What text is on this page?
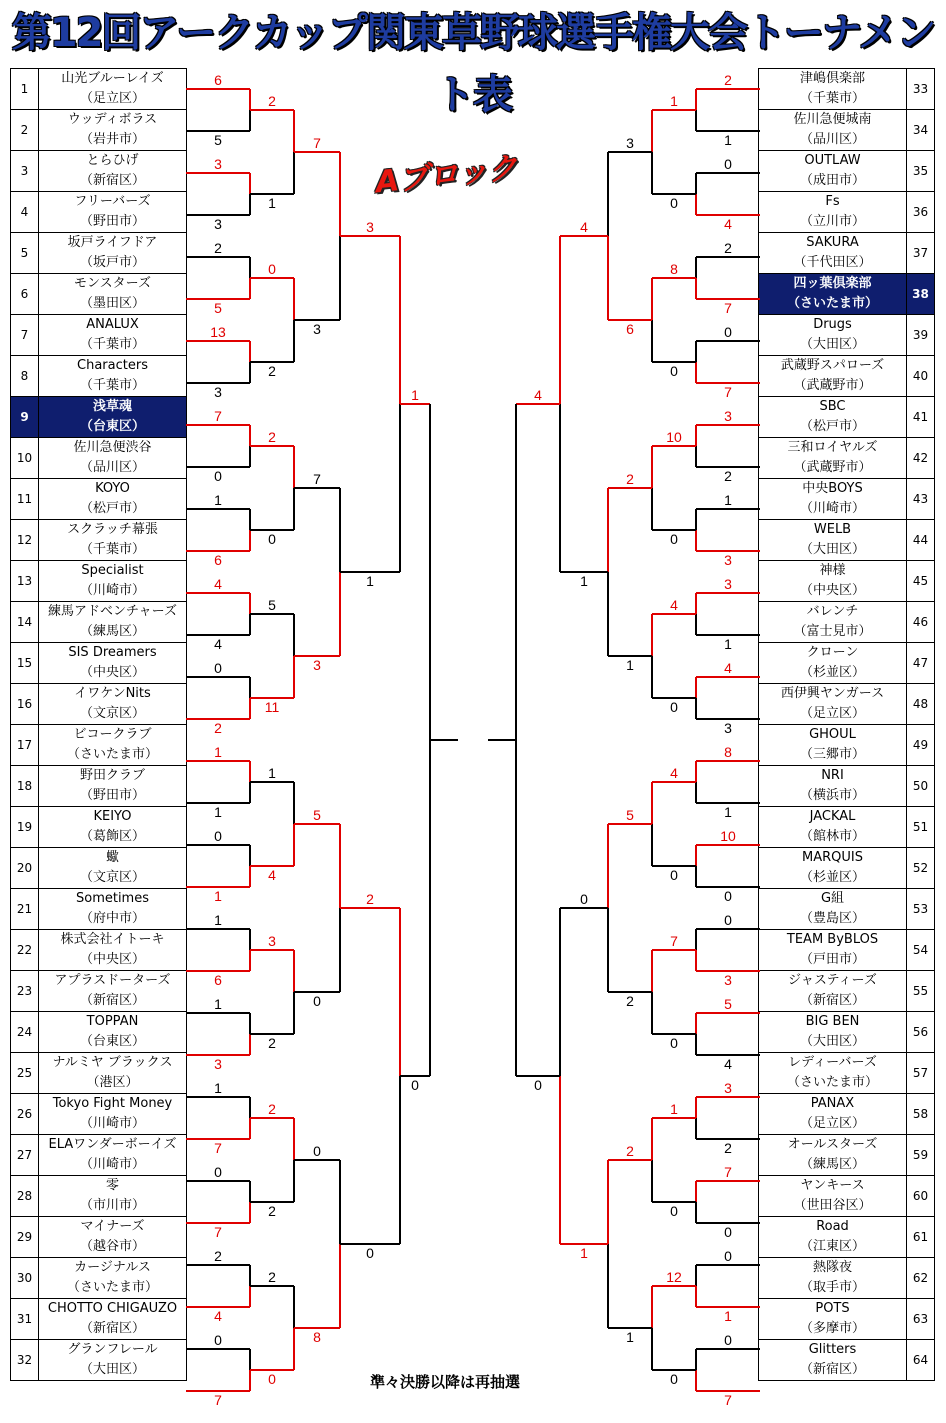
第12回アークカップ関東草野球選手権大会トーナメント表
Aブロック
準々決勝以降は再抽選
1	山光ブルーレイズ
（足立区）

2	ウッディボラス
（岩井市）

3	とらひげ
（新宿区）

4	フリーバーズ
（野田市）

5	坂戸ライフドア
（坂戸市）

6	モンスターズ
（墨田区）

7	ANALUX
（千葉市）

8	Characters
（千葉市）

9	浅草魂
（台東区）

10	佐川急便渋谷
（品川区）

11	KOYO
（松戸市）

12	スクラッチ幕張
（千葉市）

13	Specialist
（川崎市）

14	練馬アドベンチャーズ
（練馬区）

15	SIS Dreamers
（中央区）

16	イワケンNits
（文京区）

17	ビコークラブ
（さいたま市）

18	野田クラブ
（野田市）

19	KEIYO
（葛飾区）

20	蠍
（文京区）

21	Sometimes
（府中市）

22	株式会社イトーキ
（中央区）

23	アプラスドーターズ
（新宿区）

24	TOPPAN
（台東区）

25	ナルミヤ ブラックス
（港区）

26	Tokyo Fight Money
（川崎市）

27	ELAワンダーボーイズ
（川崎市）

28	零
（市川市）

29	マイナーズ
（越谷市）

30	カージナルス
（さいたま市）

31	CHOTTO CHIGAUZO
（新宿区）

32	グランフレール
（大田区）
津嶋倶楽部
（千葉市）	33

佐川急便城南
（品川区）	34

OUTLAW
（成田市）	35

Fs
（立川市）	36

SAKURA
（千代田区）	37

四ッ葉倶楽部
（さいたま市）	38

Drugs
（大田区）	39

武蔵野スパローズ
（武蔵野市）	40

SBC
（松戸市）	41

三和ロイヤルズ
（武蔵野市）	42

中央BOYS
（川崎市）	43

WELB
（大田区）	44

神様
（中央区）	45

バレンチ
（富士見市）	46

クローン
（杉並区）	47

西伊興ヤンガース
（足立区）	48

GHOUL
（三郷市）	49

NRI
（横浜市）	50

JACKAL
（館林市）	51

MARQUIS
（杉並区）	52

G組
（豊島区）	53

TEAM ByBLOS
（戸田市）	54

ジャスティーズ
（新宿区）	55

BIG BEN
（大田区）	56

レディーバーズ
（さいたま市）	57

PANAX
（足立区）	58

オールスターズ
（練馬区）	59

ヤンキース
（世田谷区）	60

Road
（江東区）	61

熱隊夜
（取手市）	62

POTS
（多摩市）	63

Glitters
（新宿区）	64
6
5
3
3
2
5
13
3
7
0
1
6
4
4
0
2
1
1
0
1
1
6
1
3
1
7
0
7
2
4
0
7
2
1
0
2
2
0
5
11
1
4
3
2
2
2
2
0
7
3
7
3
5
0
0
8
3
1
2
0
2
1
0
4
2
7
0
7
3
2
1
3
3
1
4
3
8
1
10
0
0
3
5
4
3
2
7
0
0
1
0
7
1
0
8
0
10
0
4
0
4
0
7
0
1
0
12
0
3
6
2
1
5
2
2
1
4
1
0
1
1
0
4
0
